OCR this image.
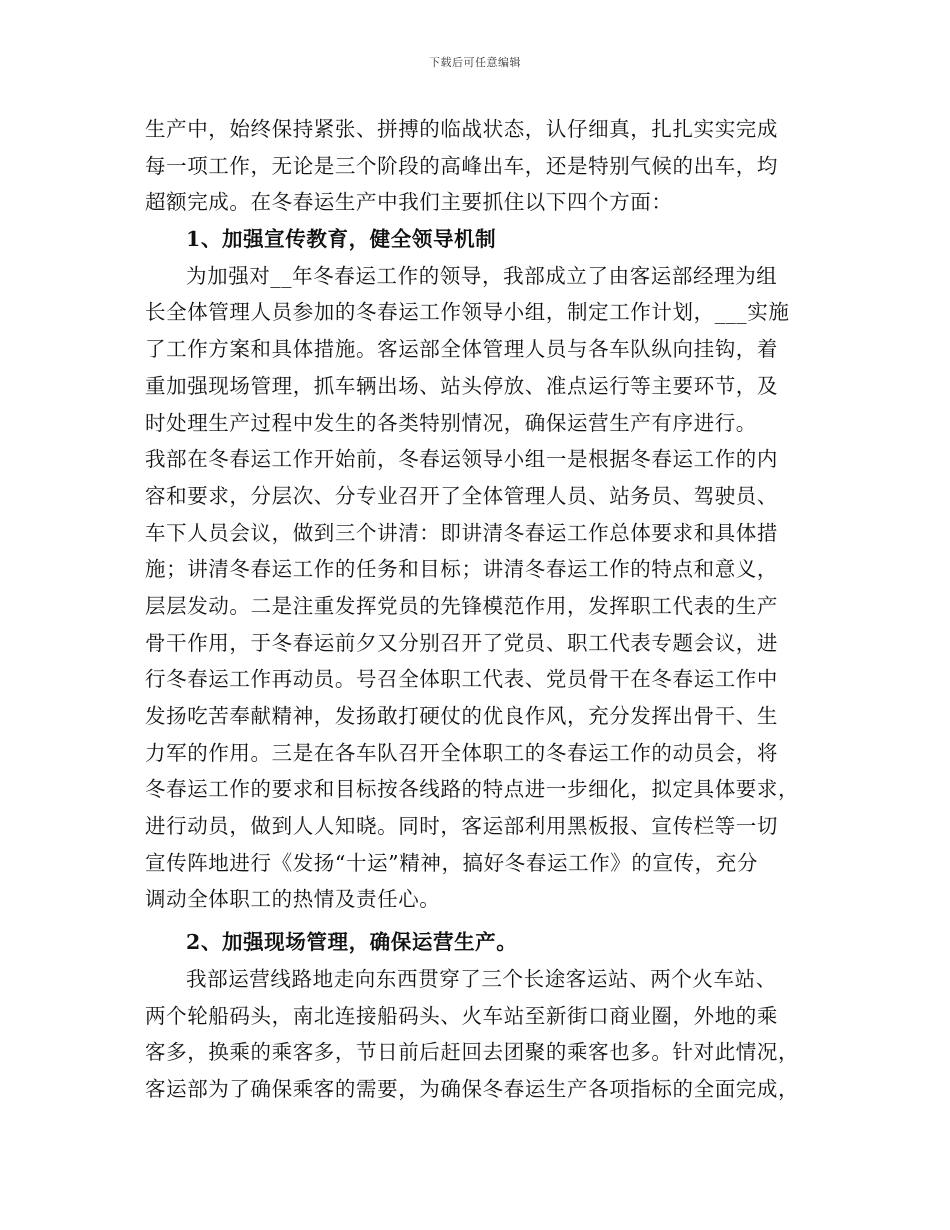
下载后可任意编辑
生产中，始终保持紧张、拼搏的临战状态，认仔细真，扎扎实实完成
每一项工作，无论是三个阶段的高峰出车，还是特别气候的出车，均
超额完成。在冬春运生产中我们主要抓住以下四个方面：
1、加强宣传教育，健全领导机制
为加强对__年冬春运工作的领导，我部成立了由客运部经理为组
长全体管理人员参加的冬春运工作领导小组，制定工作计划，___实施
了工作方案和具体措施。客运部全体管理人员与各车队纵向挂钩，着
重加强现场管理，抓车辆出场、站头停放、准点运行等主要环节，及
时处理生产过程中发生的各类特别情况，确保运营生产有序进行。
我部在冬春运工作开始前，冬春运领导小组一是根据冬春运工作的内
容和要求，分层次、分专业召开了全体管理人员、站务员、驾驶员、
车下人员会议，做到三个讲清：即讲清冬春运工作总体要求和具体措
施；讲清冬春运工作的任务和目标；讲清冬春运工作的特点和意义，
层层发动。二是注重发挥党员的先锋模范作用，发挥职工代表的生产
骨干作用，于冬春运前夕又分别召开了党员、职工代表专题会议，进
行冬春运工作再动员。号召全体职工代表、党员骨干在冬春运工作中
发扬吃苦奉献精神，发扬敢打硬仗的优良作风，充分发挥出骨干、生
力军的作用。三是在各车队召开全体职工的冬春运工作的动员会，将
冬春运工作的要求和目标按各线路的特点进一步细化，拟定具体要求，
进行动员，做到人人知晓。同时，客运部利用黑板报、宣传栏等一切
宣传阵地进行《发扬“十运”精神，搞好冬春运工作》的宣传，充分
调动全体职工的热情及责任心。
2、加强现场管理，确保运营生产。
我部运营线路地走向东西贯穿了三个长途客运站、两个火车站、
两个轮船码头，南北连接船码头、火车站至新街口商业圈，外地的乘
客多，换乘的乘客多，节日前后赶回去团聚的乘客也多。针对此情况，
客运部为了确保乘客的需要，为确保冬春运生产各项指标的全面完成，
